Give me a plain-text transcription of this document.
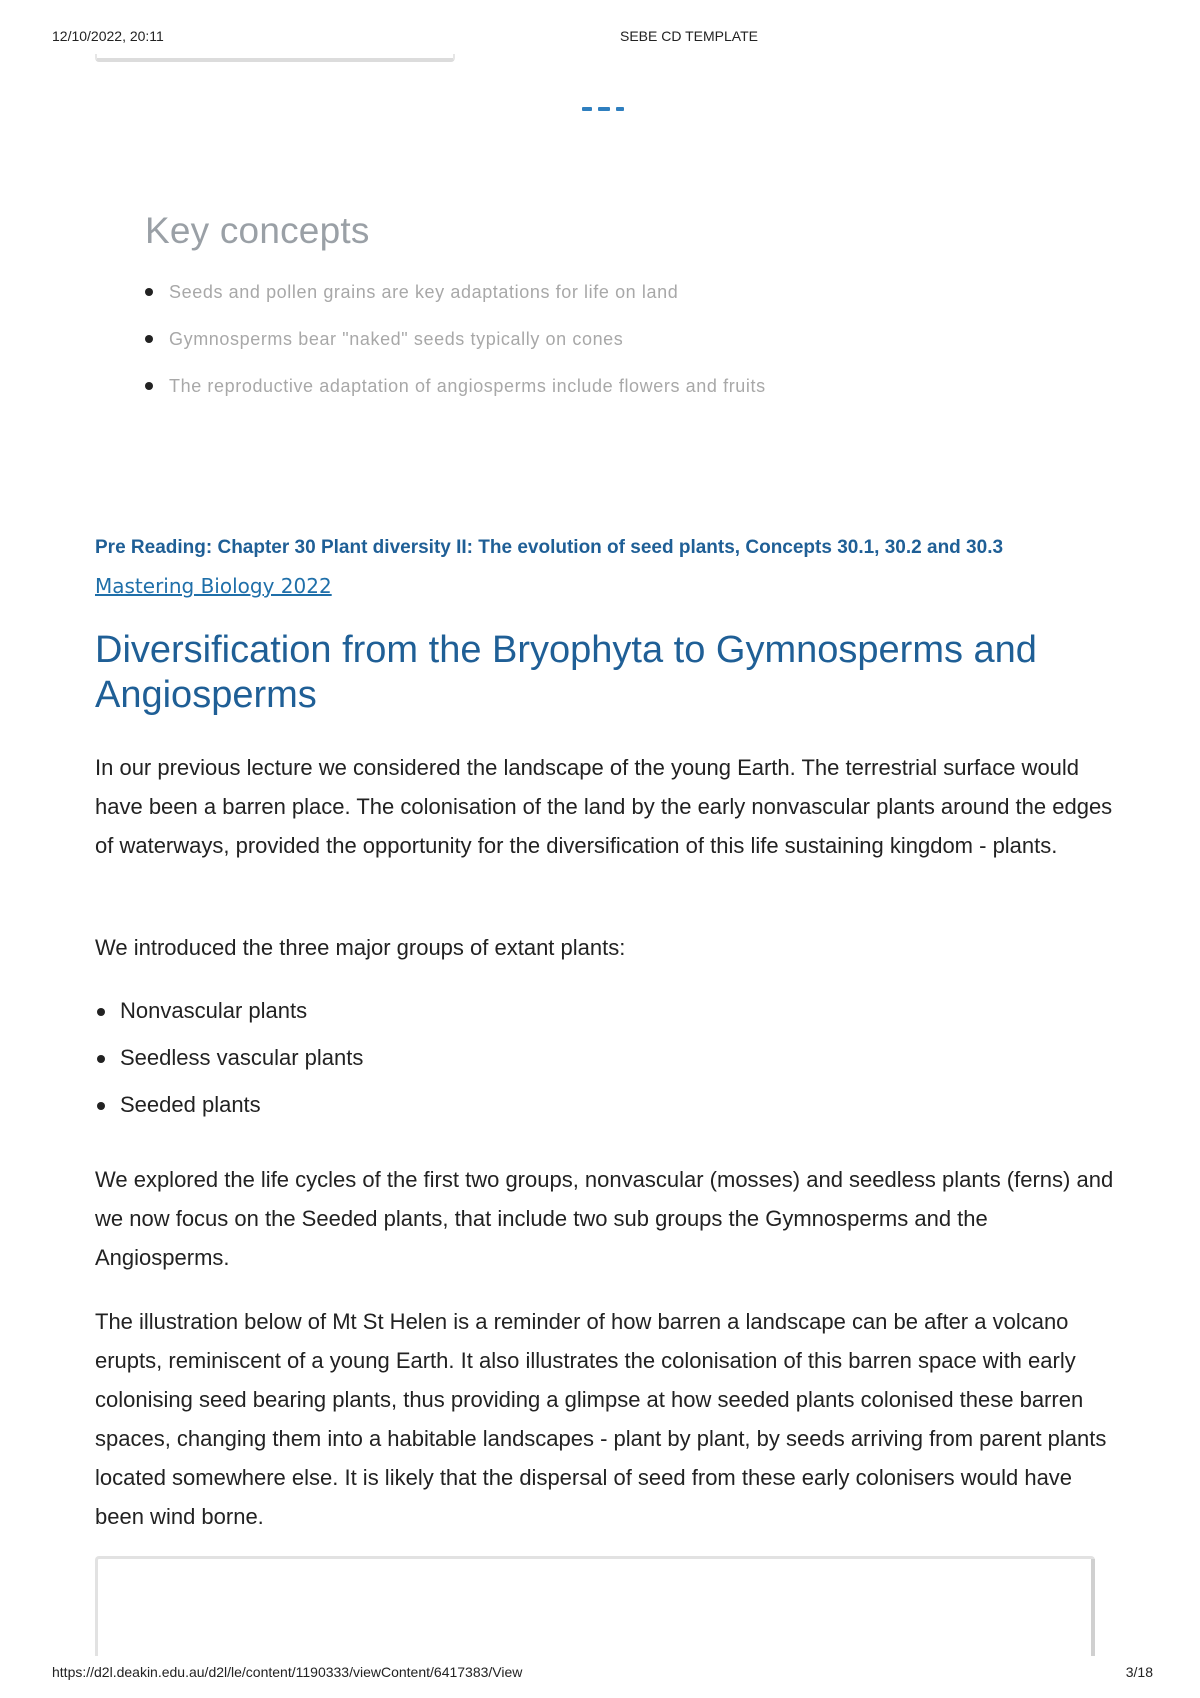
12/10/2022, 20:11	SEBE CD TEMPLATE
Key concepts
Seeds and pollen grains are key adaptations for life on land
Gymnosperms bear "naked" seeds typically on cones
The reproductive adaptation of angiosperms include flowers and fruits

Pre Reading: Chapter 30 Plant diversity II: The evolution of seed plants, Concepts 30.1, 30.2 and 30.3 Mastering Biology 2022

Diversification from the Bryophyta to Gymnosperms and Angiosperms

In our previous lecture we considered the landscape of the young Earth. The terrestrial surface would have been a barren place. The colonisation of the land by the early nonvascular plants around the edges of waterways, provided the opportunity for the diversification of this life sustaining kingdom - plants.

We introduced the three major groups of extant plants:

Nonvascular plants
Seedless vascular plants
Seeded plants

We explored the life cycles of the first two groups, nonvascular (mosses) and seedless plants (ferns) and we now focus on the Seeded plants, that include two sub groups the Gymnosperms and the Angiosperms.

The illustration below of Mt St Helen is a reminder of how barren a landscape can be after a volcano erupts, reminiscent of a young Earth. It also illustrates the colonisation of this barren space with early colonising seed bearing plants, thus providing a glimpse at how seeded plants colonised these barren spaces, changing them into a habitable landscapes - plant by plant, by seeds arriving from parent plants located somewhere else. It is likely that the dispersal of seed from these early colonisers would have been wind borne.

https://d2l.deakin.edu.au/d2l/le/content/1190333/viewContent/6417383/View	3/18
